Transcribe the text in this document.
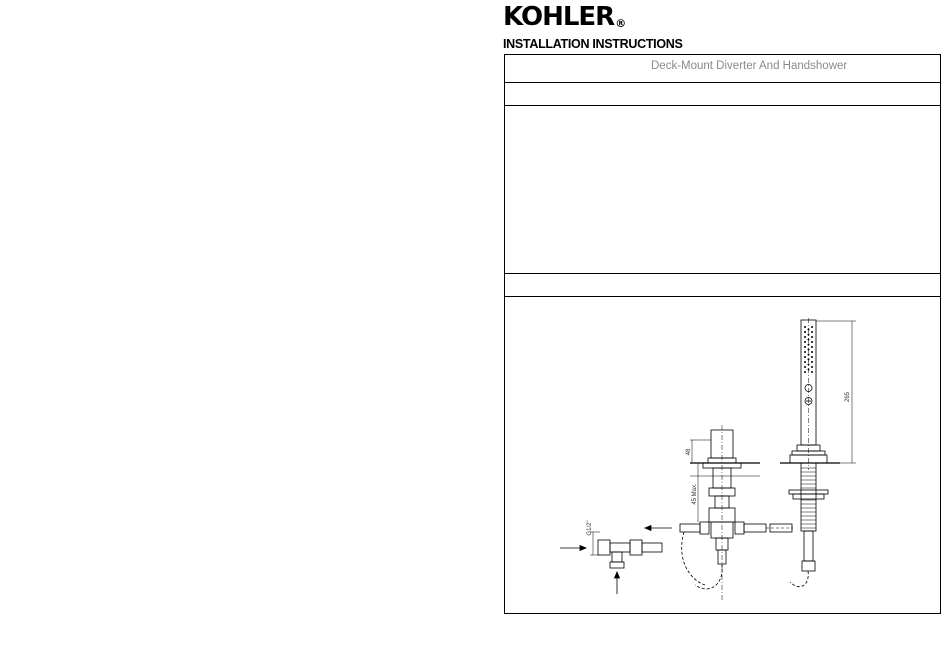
KOHLER®
INSTALLATION INSTRUCTIONS
Deck-Mount Diverter And Handshower
265
48
45 Max.
G1/2"
